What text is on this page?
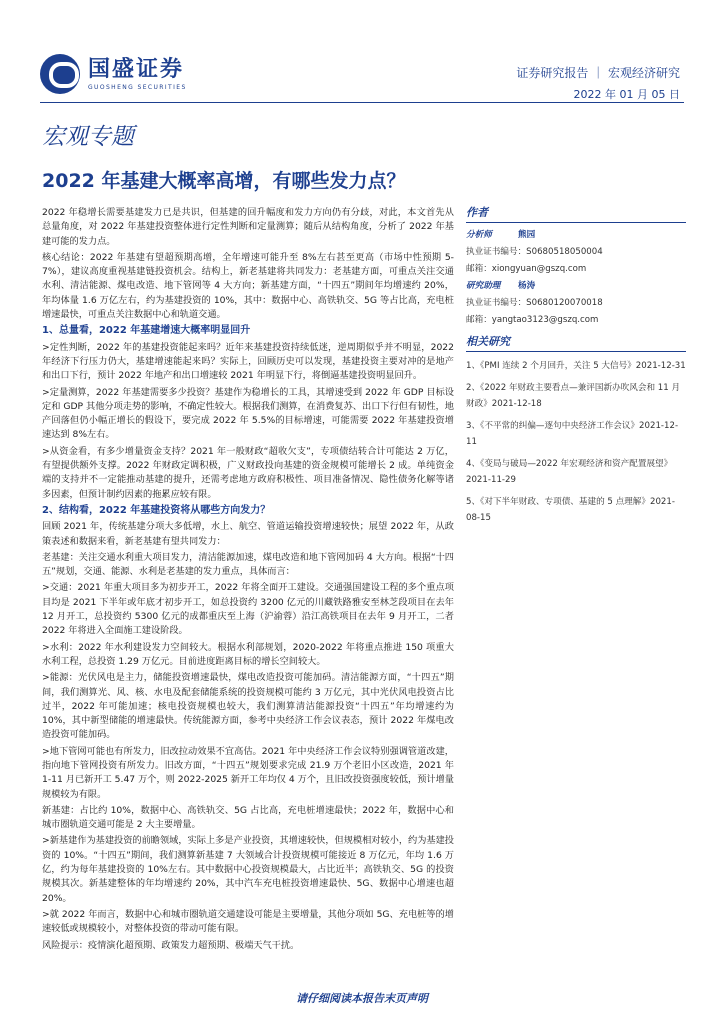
国盛证券
GUOSHENG SECURITIES
证券研究报告 ｜ 宏观经济研究
2022 年 01 月 05 日
宏观专题
2022 年基建大概率高增，有哪些发力点？

2022 年稳增长需要基建发力已是共识，但基建的回升幅度和发力方向仍有分歧，对此，本文首先从总量角度，对 2022 年基建投资整体进行定性判断和定量测算；随后从结构角度，分析了 2022 年基建可能的发力点。

核心结论：2022 年基建有望超预期高增，全年增速可能升至 8%左右甚至更高（市场中性预期 5-7%），建议高度重视基建链投资机会。结构上，新老基建将共同发力：老基建方面，可重点关注交通水利、清洁能源、煤电改造、地下管网等 4 大方向；新基建方面，“十四五”期间年均增速约 20%，年均体量 1.6 万亿左右，约为基建投资的 10%，其中：数据中心、高铁轨交、5G 等占比高，充电桩增速最快，可重点关注数据中心和轨道交通。

1、总量看，2022 年基建增速大概率明显回升

>定性判断，2022 年的基建投资能起来吗？近年来基建投资持续低迷，逆周期似乎并不明显，2022 年经济下行压力仍大，基建增速能起来吗？实际上，回顾历史可以发现，基建投资主要对冲的是地产和出口下行，预计 2022 年地产和出口增速较 2021 年明显下行，将倒逼基建投资明显回升。

>定量测算，2022 年基建需要多少投资？基建作为稳增长的工具，其增速受到 2022 年 GDP 目标设定和 GDP 其他分项走势的影响，不确定性较大。根据我们测算，在消费复苏、出口下行但有韧性，地产回落但仍小幅正增长的假设下，要完成 2022 年 5.5%的目标增速，可能需要 2022 年基建投资增速达到 8%左右。

>从资金看，有多少增量资金支持？2021 年一般财政“超收欠支”，专项债结转合计可能达 2 万亿，有望提供额外支撑。2022 年财政定调积极，广义财政投向基建的资金规模可能增长 2 成。单纯资金端的支持并不一定能推动基建的提升，还需考虑地方政府积极性、项目准备情况、隐性债务化解等诸多因素，但预计制约因素的拖累应较有限。

2、结构看，2022 年基建投资将从哪些方向发力？

回顾 2021 年，传统基建分项大多低增，水上、航空、管道运输投资增速较快；展望 2022 年，从政策表述和数据来看，新老基建有望共同发力：

老基建：关注交通水利重大项目发力，清洁能源加速，煤电改造和地下管网加码 4 大方向。根据“十四五”规划，交通、能源、水利是老基建的发力重点，具体而言：

>交通：2021 年重大项目多为初步开工，2022 年将全面开工建设。交通强国建设工程的多个重点项目均是 2021 下半年或年底才初步开工，如总投资约 3200 亿元的川藏铁路雅安至林芝段项目在去年 12 月开工，总投资约 5300 亿元的成都重庆至上海（沪渝蓉）沿江高铁项目在去年 9 月开工，二者 2022 年将进入全面施工建设阶段。

>水利：2022 年水利建设发力空间较大。根据水利部规划，2020-2022 年将重点推进 150 项重大水利工程，总投资 1.29 万亿元。目前进度距离目标的增长空间较大。

>能源：光伏风电是主力，储能投资增速最快，煤电改造投资可能加码。清洁能源方面，“十四五”期间，我们测算光、风、核、水电及配套储能系统的投资规模可能约 3 万亿元，其中光伏风电投资占比过半，2022 年可能加速；核电投资规模也较大，我们测算清洁能源投资“十四五”年均增速约为 10%，其中新型储能的增速最快。传统能源方面，参考中央经济工作会议表态，预计 2022 年煤电改造投资可能加码。

>地下管网可能也有所发力，旧改拉动效果不宜高估。2021 年中央经济工作会议特别强调管道改建，指向地下管网投资有所发力。旧改方面，“十四五”规划要求完成 21.9 万个老旧小区改造，2021 年 1-11 月已新开工 5.47 万个，则 2022-2025 新开工年均仅 4 万个，且旧改投资强度较低，预计增量规模较为有限。

新基建：占比约 10%，数据中心、高铁轨交、5G 占比高，充电桩增速最快；2022 年，数据中心和城市圈轨道交通可能是 2 大主要增量。

>新基建作为基建投资的前瞻领域，实际上多是产业投资，其增速较快，但规模相对较小，约为基建投资的 10%。“十四五”期间，我们测算新基建 7 大领域合计投资规模可能接近 8 万亿元，年均 1.6 万亿，约为每年基建投资的 10%左右。其中数据中心投资规模最大，占比近半；高铁轨交、5G 的投资规模其次。新基建整体的年均增速约 20%，其中汽车充电桩投资增速最快、5G、数据中心增速也超 20%。

>就 2022 年而言，数据中心和城市圈轨道交通建设可能是主要增量，其他分项如 5G、充电桩等的增速较低或规模较小，对整体投资的带动可能有限。

风险提示：疫情演化超预期、政策发力超预期、极端天气干扰。

作者
分析师	熊园
执业证书编号：S0680518050004
邮箱：xiongyuan@gszq.com
研究助理	杨涛
执业证书编号：S0680120070018
邮箱：yangtao3123@gszq.com
相关研究
1、《PMI 连续 2 个月回升，关注 5 大信号》2021-12-31
2、《2022 年财政主要看点—兼评国新办吹风会和 11 月财政》2021-12-18
3、《不平常的纠偏—逐句中央经济工作会议》2021-12-11
4、《变局与破局—2022 年宏观经济和资产配置展望》2021-11-29
5、《对下半年财政、专项债、基建的 5 点理解》2021-08-15
请仔细阅读本报告末页声明
